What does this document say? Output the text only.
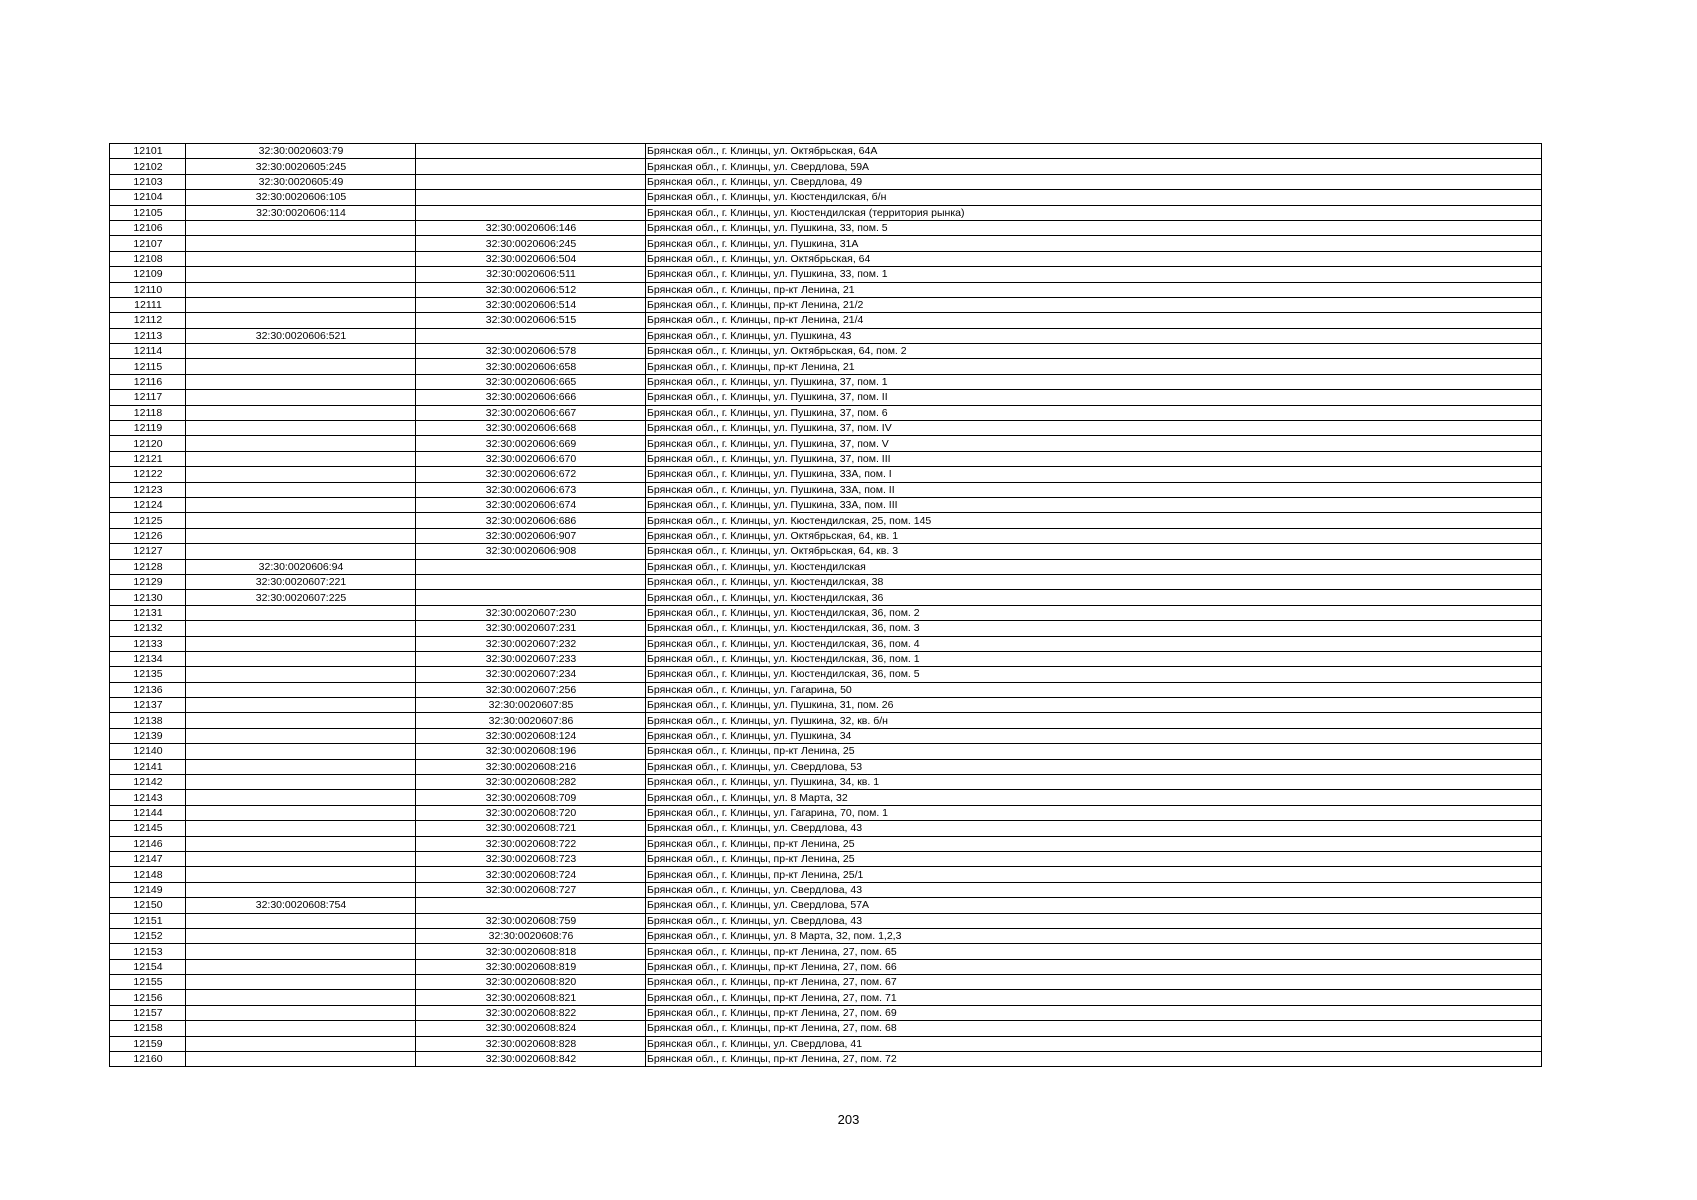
12101	32:30:0020603:79		Брянская обл., г. Клинцы, ул. Октябрьская, 64А
12102	32:30:0020605:245		Брянская обл., г. Клинцы, ул. Свердлова, 59А
12103	32:30:0020605:49		Брянская обл., г. Клинцы, ул. Свердлова, 49
12104	32:30:0020606:105		Брянская обл., г. Клинцы, ул. Кюстендилская, б/н
12105	32:30:0020606:114		Брянская обл., г. Клинцы, ул. Кюстендилская (территория рынка)
12106		32:30:0020606:146	Брянская обл., г. Клинцы, ул. Пушкина, 33, пом. 5
12107		32:30:0020606:245	Брянская обл., г. Клинцы, ул. Пушкина, 31А
12108		32:30:0020606:504	Брянская обл., г. Клинцы, ул. Октябрьская, 64
12109		32:30:0020606:511	Брянская обл., г. Клинцы, ул. Пушкина, 33, пом. 1
12110		32:30:0020606:512	Брянская обл., г. Клинцы, пр-кт Ленина, 21
12111		32:30:0020606:514	Брянская обл., г. Клинцы, пр-кт Ленина, 21/2
12112		32:30:0020606:515	Брянская обл., г. Клинцы, пр-кт Ленина, 21/4
12113	32:30:0020606:521		Брянская обл., г. Клинцы, ул. Пушкина, 43
12114		32:30:0020606:578	Брянская обл., г. Клинцы, ул. Октябрьская, 64, пом. 2
12115		32:30:0020606:658	Брянская обл., г. Клинцы, пр-кт Ленина, 21
12116		32:30:0020606:665	Брянская обл., г. Клинцы, ул. Пушкина, 37, пом. 1
12117		32:30:0020606:666	Брянская обл., г. Клинцы, ул. Пушкина, 37, пом. II
12118		32:30:0020606:667	Брянская обл., г. Клинцы, ул. Пушкина, 37, пом. 6
12119		32:30:0020606:668	Брянская обл., г. Клинцы, ул. Пушкина, 37, пом. IV
12120		32:30:0020606:669	Брянская обл., г. Клинцы, ул. Пушкина, 37, пом. V
12121		32:30:0020606:670	Брянская обл., г. Клинцы, ул. Пушкина, 37, пом. III
12122		32:30:0020606:672	Брянская обл., г. Клинцы, ул. Пушкина, 33А, пом. I
12123		32:30:0020606:673	Брянская обл., г. Клинцы, ул. Пушкина, 33А, пом. II
12124		32:30:0020606:674	Брянская обл., г. Клинцы, ул. Пушкина, 33А, пом. III
12125		32:30:0020606:686	Брянская обл., г. Клинцы, ул. Кюстендилская, 25, пом. 145
12126		32:30:0020606:907	Брянская обл., г. Клинцы, ул. Октябрьская, 64, кв. 1
12127		32:30:0020606:908	Брянская обл., г. Клинцы, ул. Октябрьская, 64, кв. 3
12128	32:30:0020606:94		Брянская обл., г. Клинцы, ул. Кюстендилская
12129	32:30:0020607:221		Брянская обл., г. Клинцы, ул. Кюстендилская, 38
12130	32:30:0020607:225		Брянская обл., г. Клинцы, ул. Кюстендилская, 36
12131		32:30:0020607:230	Брянская обл., г. Клинцы, ул. Кюстендилская, 36, пом. 2
12132		32:30:0020607:231	Брянская обл., г. Клинцы, ул. Кюстендилская, 36, пом. 3
12133		32:30:0020607:232	Брянская обл., г. Клинцы, ул. Кюстендилская, 36, пом. 4
12134		32:30:0020607:233	Брянская обл., г. Клинцы, ул. Кюстендилская, 36, пом. 1
12135		32:30:0020607:234	Брянская обл., г. Клинцы, ул. Кюстендилская, 36, пом. 5
12136		32:30:0020607:256	Брянская обл., г. Клинцы, ул. Гагарина, 50
12137		32:30:0020607:85	Брянская обл., г. Клинцы, ул. Пушкина, 31, пом. 26
12138		32:30:0020607:86	Брянская обл., г. Клинцы, ул. Пушкина, 32, кв. б/н
12139		32:30:0020608:124	Брянская обл., г. Клинцы, ул. Пушкина, 34
12140		32:30:0020608:196	Брянская обл., г. Клинцы, пр-кт Ленина, 25
12141		32:30:0020608:216	Брянская обл., г. Клинцы, ул. Свердлова, 53
12142		32:30:0020608:282	Брянская обл., г. Клинцы, ул. Пушкина, 34, кв. 1
12143		32:30:0020608:709	Брянская обл., г. Клинцы, ул. 8 Марта, 32
12144		32:30:0020608:720	Брянская обл., г. Клинцы, ул. Гагарина, 70, пом. 1
12145		32:30:0020608:721	Брянская обл., г. Клинцы, ул. Свердлова, 43
12146		32:30:0020608:722	Брянская обл., г. Клинцы, пр-кт Ленина, 25
12147		32:30:0020608:723	Брянская обл., г. Клинцы, пр-кт Ленина, 25
12148		32:30:0020608:724	Брянская обл., г. Клинцы, пр-кт Ленина, 25/1
12149		32:30:0020608:727	Брянская обл., г. Клинцы, ул. Свердлова, 43
12150	32:30:0020608:754		Брянская обл., г. Клинцы, ул. Свердлова, 57А
12151		32:30:0020608:759	Брянская обл., г. Клинцы, ул. Свердлова, 43
12152		32:30:0020608:76	Брянская обл., г. Клинцы, ул. 8 Марта, 32, пом. 1,2,3
12153		32:30:0020608:818	Брянская обл., г. Клинцы, пр-кт Ленина, 27, пом. 65
12154		32:30:0020608:819	Брянская обл., г. Клинцы, пр-кт Ленина, 27, пом. 66
12155		32:30:0020608:820	Брянская обл., г. Клинцы, пр-кт Ленина, 27, пом. 67
12156		32:30:0020608:821	Брянская обл., г. Клинцы, пр-кт Ленина, 27, пом. 71
12157		32:30:0020608:822	Брянская обл., г. Клинцы, пр-кт Ленина, 27, пом. 69
12158		32:30:0020608:824	Брянская обл., г. Клинцы, пр-кт Ленина, 27, пом. 68
12159		32:30:0020608:828	Брянская обл., г. Клинцы, ул. Свердлова, 41
12160		32:30:0020608:842	Брянская обл., г. Клинцы, пр-кт Ленина, 27, пом. 72
203
